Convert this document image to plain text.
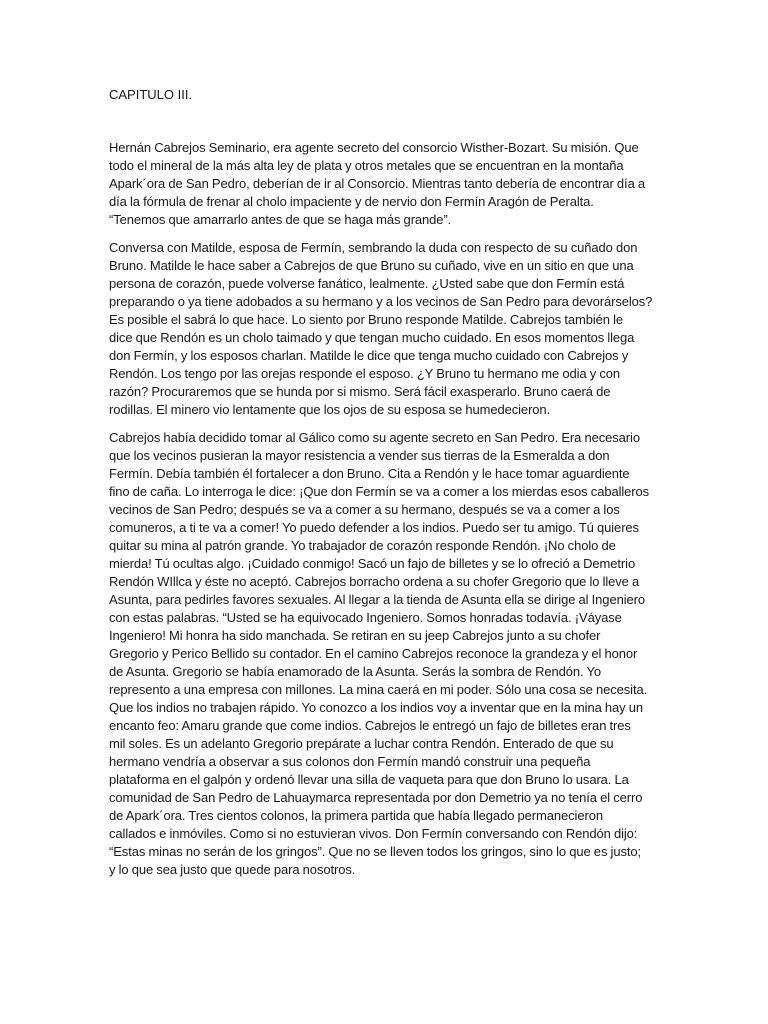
CAPITULO III.

Hernán Cabrejos Seminario, era agente secreto del consorcio Wisther-Bozart. Su misión. Que
todo el mineral de la más alta ley de plata y otros metales que se encuentran en la montaña
Apark´ora de San Pedro, deberían de ir al Consorcio. Mientras tanto debería de encontrar día a
día la fórmula de frenar al cholo impaciente y de nervio don Fermín Aragón de Peralta.
“Tenemos que amarrarlo antes de que se haga más grande”.

Conversa con Matilde, esposa de Fermín, sembrando la duda con respecto de su cuñado don
Bruno. Matilde le hace saber a Cabrejos de que Bruno su cuñado, vive en un sitio en que una
persona de corazón, puede volverse fanático, lealmente. ¿Usted sabe que don Fermín está
preparando o ya tiene adobados a su hermano y a los vecinos de San Pedro para devorárselos?
Es posible el sabrá lo que hace. Lo siento por Bruno responde Matilde. Cabrejos también le
dice que Rendón es un cholo taimado y que tengan mucho cuidado. En esos momentos llega
don Fermín, y los esposos charlan. Matilde le dice que tenga mucho cuidado con Cabrejos y
Rendón. Los tengo por las orejas responde el esposo. ¿Y Bruno tu hermano me odia y con
razón? Procuraremos que se hunda por si mismo. Será fácil exasperarlo. Bruno caerá de
rodillas. El minero vio lentamente que los ojos de su esposa se humedecieron.

Cabrejos había decidido tomar al Gálico como su agente secreto en San Pedro. Era necesario
que los vecinos pusieran la mayor resistencia a vender sus tierras de la Esmeralda a don
Fermín. Debía también él fortalecer a don Bruno. Cita a Rendón y le hace tomar aguardiente
fino de caña. Lo interroga le dice: ¡Que don Fermín se va a comer a los mierdas esos caballeros
vecinos de San Pedro; después se va a comer a su hermano, después se va a comer a los
comuneros, a ti te va a comer! Yo puedo defender a los indios. Puedo ser tu amigo. Tú quieres
quitar su mina al patrón grande. Yo trabajador de corazón responde Rendón. ¡No cholo de
mierda! Tú ocultas algo. ¡Cuidado conmigo! Sacó un fajo de billetes y se lo ofreció a Demetrio
Rendón WIllca y éste no aceptó. Cabrejos borracho ordena a su chofer Gregorio que lo lleve a
Asunta, para pedirles favores sexuales. Al llegar a la tienda de Asunta ella se dirige al Ingeniero
con estas palabras. “Usted se ha equivocado Ingeniero. Somos honradas todavía. ¡Váyase
Ingeniero! Mi honra ha sido manchada. Se retiran en su jeep Cabrejos junto a su chofer
Gregorio y Perico Bellido su contador. En el camino Cabrejos reconoce la grandeza y el honor
de Asunta. Gregorio se había enamorado de la Asunta. Serás la sombra de Rendón. Yo
represento a una empresa con millones. La mina caerá en mi poder. Sólo una cosa se necesita.
Que los indios no trabajen rápido. Yo conozco a los indios voy a inventar que en la mina hay un
encanto feo: Amaru grande que come indios. Cabrejos le entregó un fajo de billetes eran tres
mil soles. Es un adelanto Gregorio prepárate a luchar contra Rendón. Enterado de que su
hermano vendría a observar a sus colonos don Fermín mandó construir una pequeña
plataforma en el galpón y ordenó llevar una silla de vaqueta para que don Bruno lo usara. La
comunidad de San Pedro de Lahuaymarca representada por don Demetrio ya no tenía el cerro
de Apark´ora. Tres cientos colonos, la primera partida que había llegado permanecieron
callados e inmóviles. Como si no estuvieran vivos. Don Fermín conversando con Rendón dijo:
“Estas minas no serán de los gringos”. Que no se lleven todos los gringos, sino lo que es justo;
y lo que sea justo que quede para nosotros.
